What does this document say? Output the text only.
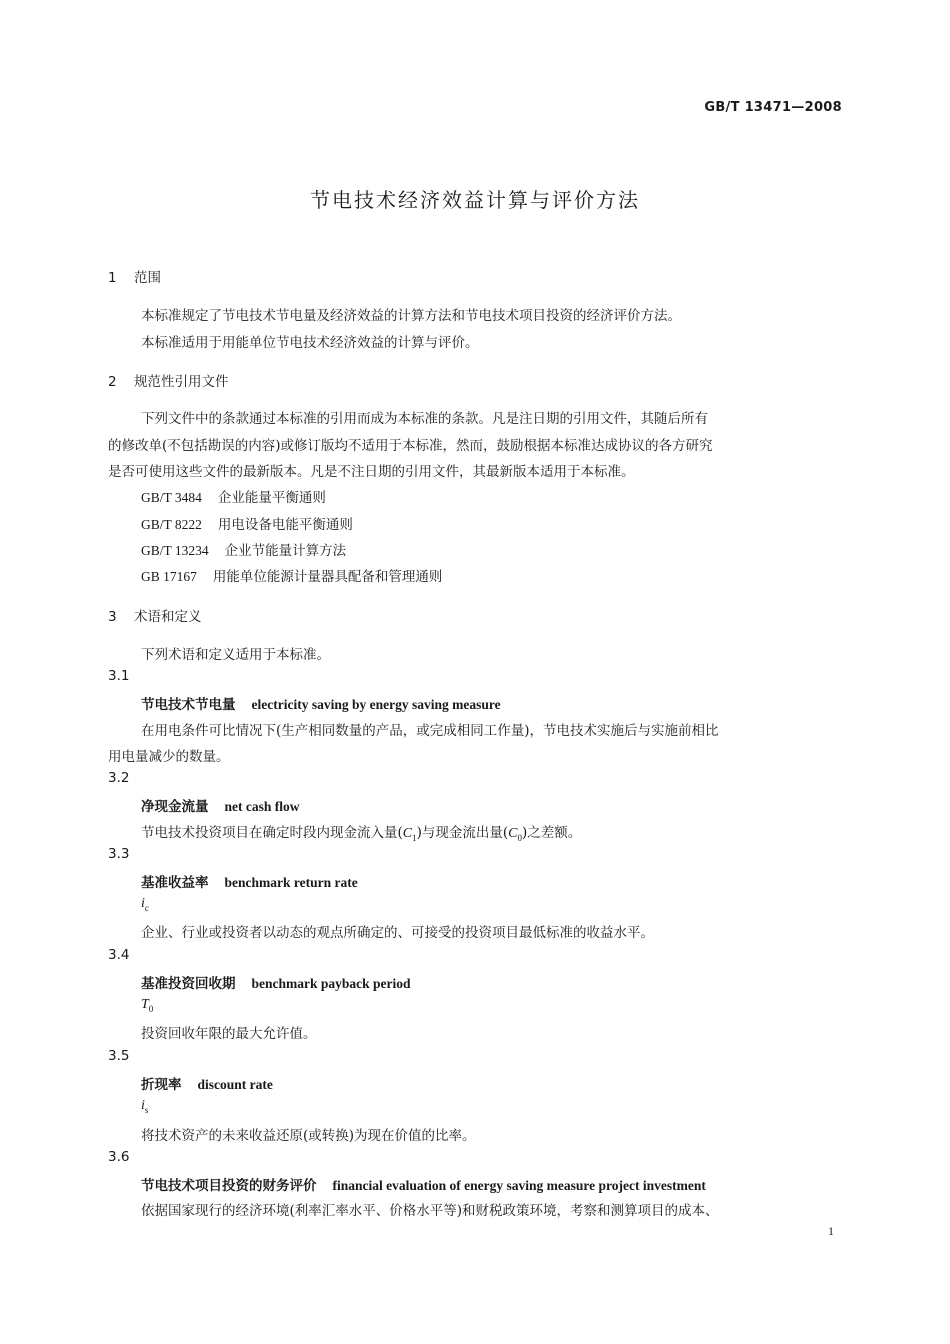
GB/T 13471—2008
节电技术经济效益计算与评价方法
1 范围
本标准规定了节电技术节电量及经济效益的计算方法和节电技术项目投资的经济评价方法。
本标准适用于用能单位节电技术经济效益的计算与评价。
2 规范性引用文件
下列文件中的条款通过本标准的引用而成为本标准的条款。凡是注日期的引用文件，其随后所有
的修改单(不包括勘误的内容)或修订版均不适用于本标准，然而，鼓励根据本标准达成协议的各方研究
是否可使用这些文件的最新版本。凡是不注日期的引用文件，其最新版本适用于本标准。
GB/T 3484 企业能量平衡通则
GB/T 8222 用电设备电能平衡通则
GB/T 13234 企业节能量计算方法
GB 17167 用能单位能源计量器具配备和管理通则
3 术语和定义
下列术语和定义适用于本标准。
3.1
节电技术节电量 electricity saving by energy saving measure
在用电条件可比情况下(生产相同数量的产品，或完成相同工作量)，节电技术实施后与实施前相比
用电量减少的数量。
3.2
净现金流量 net cash flow
节电技术投资项目在确定时段内现金流入量$(C_1)$与现金流出量$(C_0)$之差额。
3.3
基准收益率 benchmark return rate
$i_c$
企业、行业或投资者以动态的观点所确定的、可接受的投资项目最低标准的收益水平。
3.4
基准投资回收期 benchmark payback period
$T_0$
投资回收年限的最大允许值。
3.5
折现率 discount rate
$i_s$
将技术资产的未来收益还原(或转换)为现在价值的比率。
3.6
节电技术项目投资的财务评价 financial evaluation of energy saving measure project investment
依据国家现行的经济环境(利率汇率水平、价格水平等)和财税政策环境，考察和测算项目的成本、
1
